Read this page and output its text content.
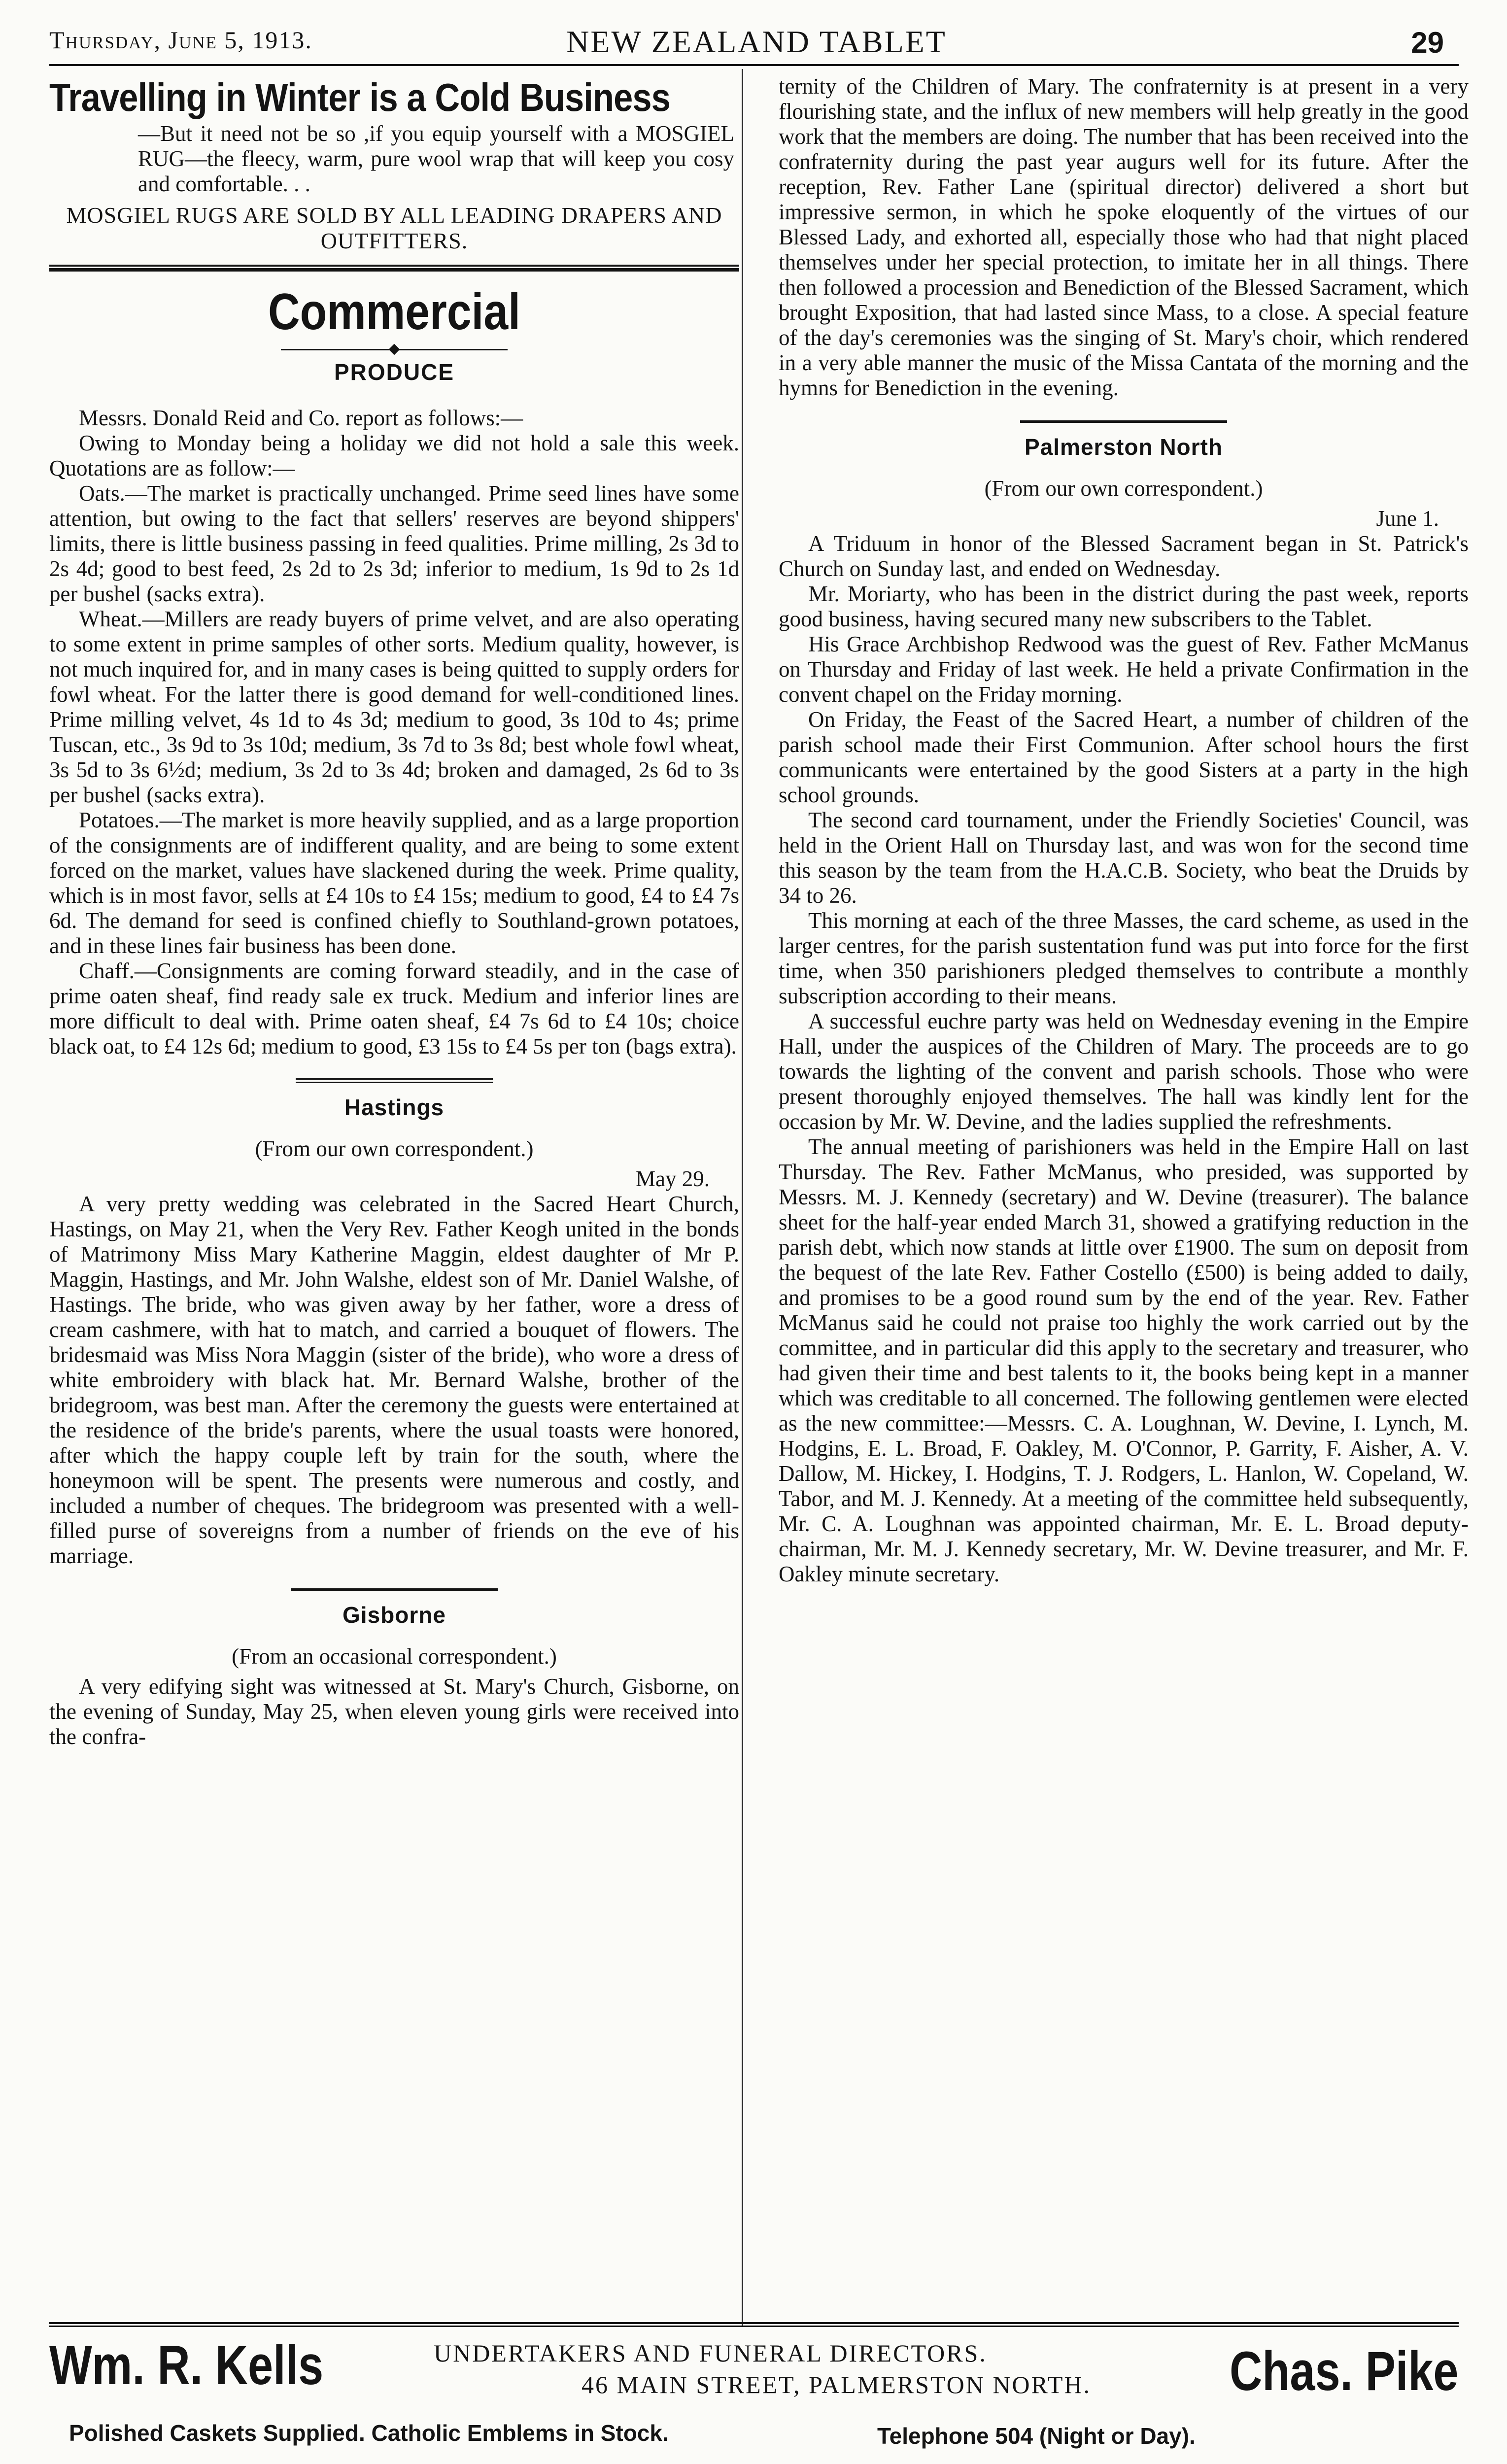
Thursday, June 5, 1913.	NEW ZEALAND TABLET	29
Travelling in Winter is a Cold Business
—But it need not be so ,if you equip yourself with a MOSGIEL RUG—the fleecy, warm, pure wool wrap that will keep you cosy and comfortable. . .
MOSGIEL RUGS ARE SOLD BY ALL LEADING DRAPERS AND OUTFITTERS.
Commercial
PRODUCE

Messrs. Donald Reid and Co. report as follows:—

Owing to Monday being a holiday we did not hold a sale this week. Quotations are as follow:—

Oats.—The market is practically unchanged. Prime seed lines have some attention, but owing to the fact that sellers' reserves are beyond shippers' limits, there is little business passing in feed qualities. Prime milling, 2s 3d to 2s 4d; good to best feed, 2s 2d to 2s 3d; inferior to medium, 1s 9d to 2s 1d per bushel (sacks extra).

Wheat.—Millers are ready buyers of prime velvet, and are also operating to some extent in prime samples of other sorts. Medium quality, however, is not much inquired for, and in many cases is being quitted to supply orders for fowl wheat. For the latter there is good demand for well-conditioned lines. Prime milling velvet, 4s 1d to 4s 3d; medium to good, 3s 10d to 4s; prime Tuscan, etc., 3s 9d to 3s 10d; medium, 3s 7d to 3s 8d; best whole fowl wheat, 3s 5d to 3s 6½d; medium, 3s 2d to 3s 4d; broken and damaged, 2s 6d to 3s per bushel (sacks extra).

Potatoes.—The market is more heavily supplied, and as a large proportion of the consignments are of indifferent quality, and are being to some extent forced on the market, values have slackened during the week. Prime quality, which is in most favor, sells at £4 10s to £4 15s; medium to good, £4 to £4 7s 6d. The demand for seed is confined chiefly to Southland-grown potatoes, and in these lines fair business has been done.

Chaff.—Consignments are coming forward steadily, and in the case of prime oaten sheaf, find ready sale ex truck. Medium and inferior lines are more difficult to deal with. Prime oaten sheaf, £4 7s 6d to £4 10s; choice black oat, to £4 12s 6d; medium to good, £3 15s to £4 5s per ton (bags extra).

Hastings
(From our own correspondent.)
May 29.

A very pretty wedding was celebrated in the Sacred Heart Church, Hastings, on May 21, when the Very Rev. Father Keogh united in the bonds of Matrimony Miss Mary Katherine Maggin, eldest daughter of Mr P. Maggin, Hastings, and Mr. John Walshe, eldest son of Mr. Daniel Walshe, of Hastings. The bride, who was given away by her father, wore a dress of cream cashmere, with hat to match, and carried a bouquet of flowers. The bridesmaid was Miss Nora Maggin (sister of the bride), who wore a dress of white embroidery with black hat. Mr. Bernard Walshe, brother of the bridegroom, was best man. After the ceremony the guests were entertained at the residence of the bride's parents, where the usual toasts were honored, after which the happy couple left by train for the south, where the honeymoon will be spent. The presents were numerous and costly, and included a number of cheques. The bridegroom was presented with a well-filled purse of sovereigns from a number of friends on the eve of his marriage.

Gisborne
(From an occasional correspondent.)

A very edifying sight was witnessed at St. Mary's Church, Gisborne, on the evening of Sunday, May 25, when eleven young girls were received into the confra-

ternity of the Children of Mary. The confraternity is at present in a very flourishing state, and the influx of new members will help greatly in the good work that the members are doing. The number that has been received into the confraternity during the past year augurs well for its future. After the reception, Rev. Father Lane (spiritual director) delivered a short but impressive sermon, in which he spoke eloquently of the virtues of our Blessed Lady, and exhorted all, especially those who had that night placed themselves under her special protection, to imitate her in all things. There then followed a procession and Benediction of the Blessed Sacrament, which brought Exposition, that had lasted since Mass, to a close. A special feature of the day's ceremonies was the singing of St. Mary's choir, which rendered in a very able manner the music of the Missa Cantata of the morning and the hymns for Benediction in the evening.

Palmerston North
(From our own correspondent.)
June 1.

A Triduum in honor of the Blessed Sacrament began in St. Patrick's Church on Sunday last, and ended on Wednesday.

Mr. Moriarty, who has been in the district during the past week, reports good business, having secured many new subscribers to the Tablet.

His Grace Archbishop Redwood was the guest of Rev. Father McManus on Thursday and Friday of last week. He held a private Confirmation in the convent chapel on the Friday morning.

On Friday, the Feast of the Sacred Heart, a number of children of the parish school made their First Communion. After school hours the first communicants were entertained by the good Sisters at a party in the high school grounds.

The second card tournament, under the Friendly Societies' Council, was held in the Orient Hall on Thursday last, and was won for the second time this season by the team from the H.A.C.B. Society, who beat the Druids by 34 to 26.

This morning at each of the three Masses, the card scheme, as used in the larger centres, for the parish sustentation fund was put into force for the first time, when 350 parishioners pledged themselves to contribute a monthly subscription according to their means.

A successful euchre party was held on Wednesday evening in the Empire Hall, under the auspices of the Children of Mary. The proceeds are to go towards the lighting of the convent and parish schools. Those who were present thoroughly enjoyed themselves. The hall was kindly lent for the occasion by Mr. W. Devine, and the ladies supplied the refreshments.

The annual meeting of parishioners was held in the Empire Hall on last Thursday. The Rev. Father McManus, who presided, was supported by Messrs. M. J. Kennedy (secretary) and W. Devine (treasurer). The balance sheet for the half-year ended March 31, showed a gratifying reduction in the parish debt, which now stands at little over £1900. The sum on deposit from the bequest of the late Rev. Father Costello (£500) is being added to daily, and promises to be a good round sum by the end of the year. Rev. Father McManus said he could not praise too highly the work carried out by the committee, and in particular did this apply to the secretary and treasurer, who had given their time and best talents to it, the books being kept in a manner which was creditable to all concerned. The following gentlemen were elected as the new committee:—Messrs. C. A. Loughnan, W. Devine, I. Lynch, M. Hodgins, E. L. Broad, F. Oakley, M. O'Connor, P. Garrity, F. Aisher, A. V. Dallow, M. Hickey, I. Hodgins, T. J. Rodgers, L. Hanlon, W. Copeland, W. Tabor, and M. J. Kennedy. At a meeting of the committee held subsequently, Mr. C. A. Loughnan was appointed chairman, Mr. E. L. Broad deputy-chairman, Mr. M. J. Kennedy secretary, Mr. W. Devine treasurer, and Mr. F. Oakley minute secretary.

Wm. R. Kells	UNDERTAKERS AND FUNERAL DIRECTORS.
46 MAIN STREET, PALMERSTON NORTH.	Chas. Pike
Polished Caskets Supplied. Catholic Emblems in Stock.	Telephone 504 (Night or Day).
